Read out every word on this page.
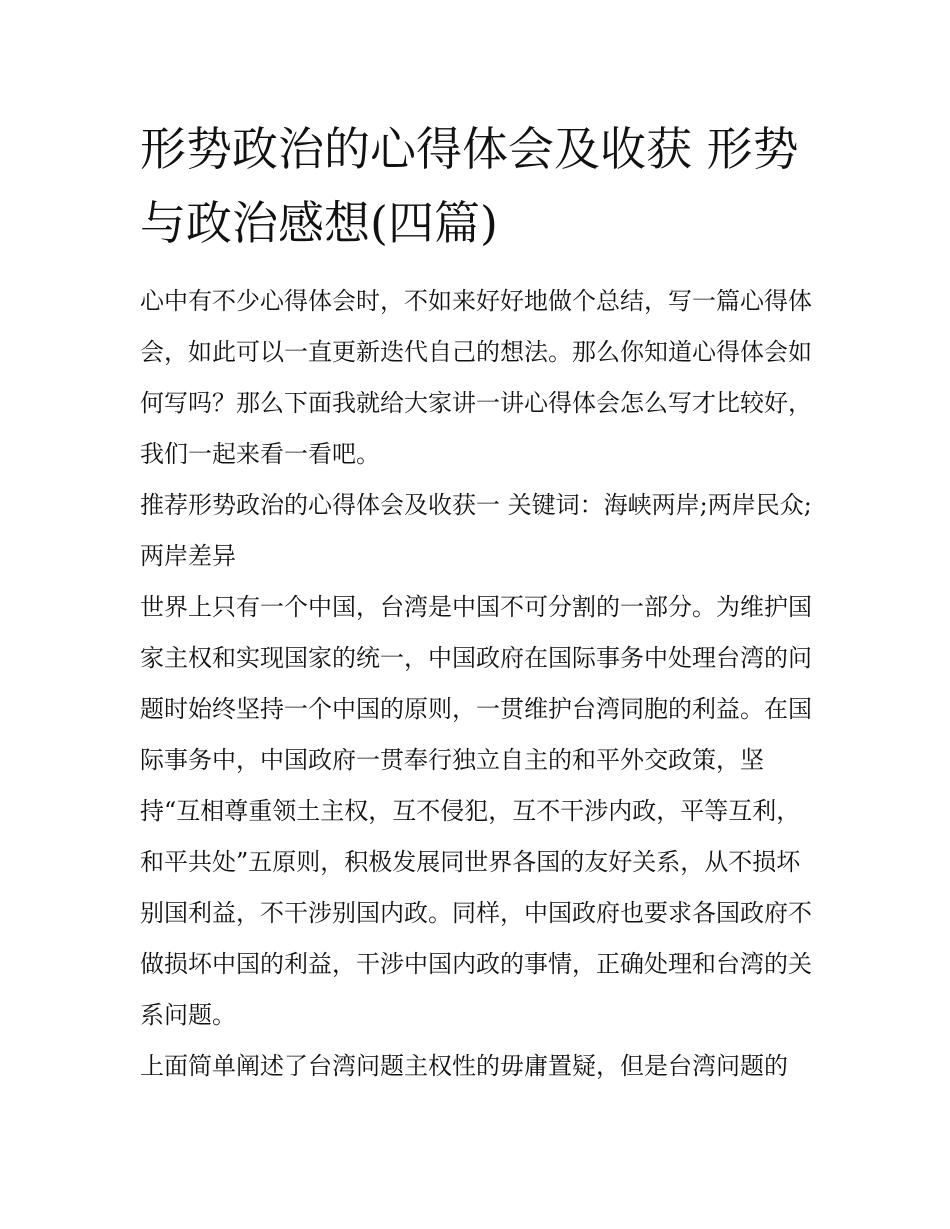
形势政治的心得体会及收获 形势与政治感想(四篇)

心中有不少心得体会时，不如来好好地做个总结，写一篇心得体会，如此可以一直更新迭代自己的想法。那么你知道心得体会如何写吗？那么下面我就给大家讲一讲心得体会怎么写才比较好，我们一起来看一看吧。

推荐形势政治的心得体会及收获一 关键词：海峡两岸;两岸民众;两岸差异

世界上只有一个中国，台湾是中国不可分割的一部分。为维护国家主权和实现国家的统一，中国政府在国际事务中处理台湾的问题时始终坚持一个中国的原则，一贯维护台湾同胞的利益。在国际事务中，中国政府一贯奉行独立自主的和平外交政策，坚持“互相尊重领土主权，互不侵犯，互不干涉内政，平等互利，和平共处”五原则，积极发展同世界各国的友好关系，从不损坏别国利益，不干涉别国内政。同样，中国政府也要求各国政府不做损坏中国的利益，干涉中国内政的事情，正确处理和台湾的关系问题。

上面简单阐述了台湾问题主权性的毋庸置疑，但是台湾问题的
